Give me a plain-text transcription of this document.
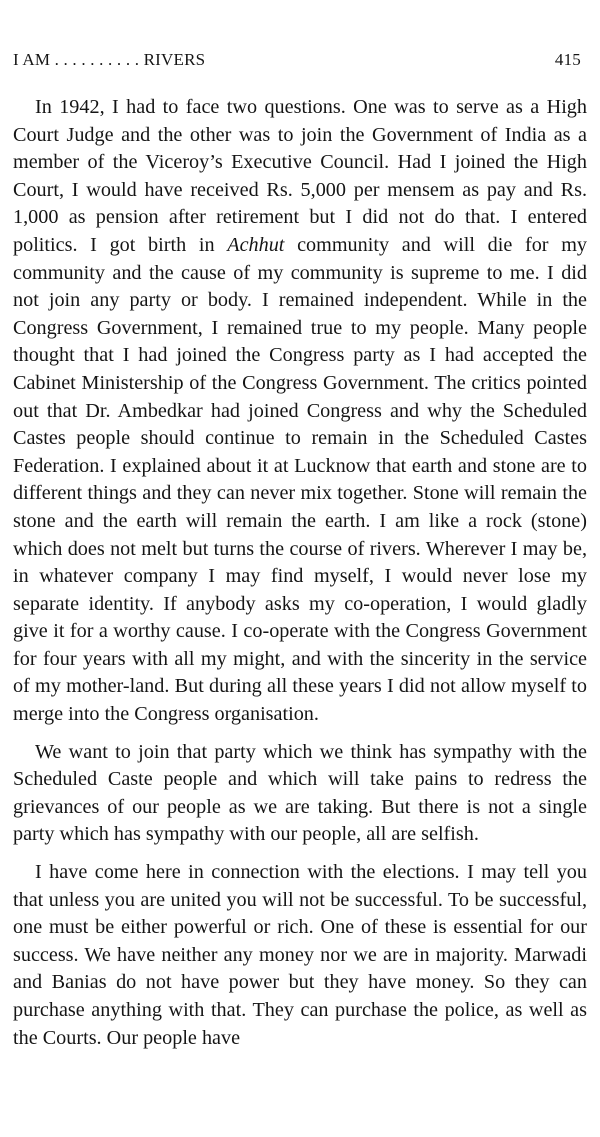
I AM . . . . . . . . . . RIVERS	415

In 1942, I had to face two questions. One was to serve as a High Court Judge and the other was to join the Government of India as a member of the Viceroy’s Executive Council. Had I joined the High Court, I would have received Rs. 5,000 per mensem as pay and Rs. 1,000 as pension after retirement but I did not do that. I entered politics. I got birth in Achhut community and will die for my community and the cause of my community is supreme to me. I did not join any party or body. I remained independent. While in the Congress Government, I remained true to my people. Many people thought that I had joined the Congress party as I had accepted the Cabinet Ministership of the Congress Government. The critics pointed out that Dr. Ambedkar had joined Congress and why the Scheduled Castes people should continue to remain in the Scheduled Castes Federation. I explained about it at Lucknow that earth and stone are to different things and they can never mix together. Stone will remain the stone and the earth will remain the earth. I am like a rock (stone) which does not melt but turns the course of rivers. Wherever I may be, in whatever company I may find myself, I would never lose my separate identity. If anybody asks my co-operation, I would gladly give it for a worthy cause. I co-operate with the Congress Government for four years with all my might, and with the sincerity in the service of my mother-land. But during all these years I did not allow myself to merge into the Congress organisation.

We want to join that party which we think has sympathy with the Scheduled Caste people and which will take pains to redress the grievances of our people as we are taking. But there is not a single party which has sympathy with our people, all are selfish.

I have come here in connection with the elections. I may tell you that unless you are united you will not be successful. To be successful, one must be either powerful or rich. One of these is essential for our success. We have neither any money nor we are in majority. Marwadi and Banias do not have power but they have money. So they can purchase anything with that. They can purchase the police, as well as the Courts. Our people have
